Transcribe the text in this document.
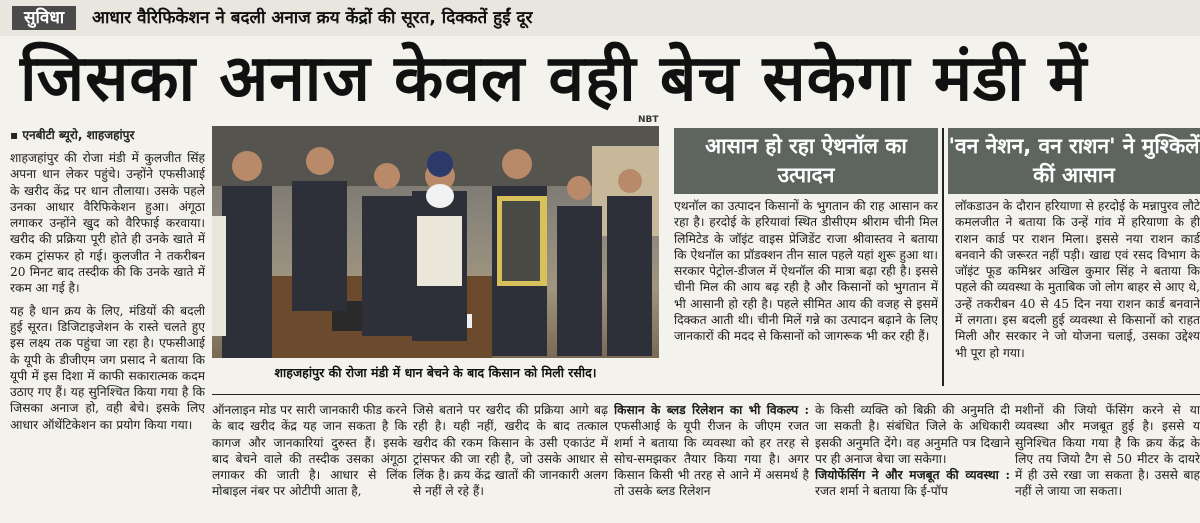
सुविधा	आधार वैरिफिकेशन ने बदली अनाज क्रय केंद्रों की सूरत, दिक्कतें हुईं दूर
जिसका अनाज केवल वही बेच सकेगा मंडी में
▪ एनबीटी ब्यूरो, शाहजहांपुर
NBT

शाहजहांपुर की रोजा मंडी में कुलजीत सिंह अपना धान लेकर पहुंचे। उन्होंने एफसीआई के खरीद केंद्र पर धान तौलाया। उसके पहले उनका आधार वैरिफिकेशन हुआ। अंगूठा लगाकर उन्होंने खुद को वैरिफाई करवाया। खरीद की प्रक्रिया पूरी होते ही उनके खाते में रकम ट्रांसफर हो गई। कुलजीत ने तकरीबन 20 मिनट बाद तस्दीक की कि उनके खाते में रकम आ गई है।

यह है धान क्रय के लिए, मंडियों की बदली हुई सूरत। डिजिटाइजेशन के रास्ते चलते हुए इस लक्ष्य तक पहुंचा जा रहा है। एफसीआई के यूपी के डीजीएम जग प्रसाद ने बताया कि यूपी में इस दिशा में काफी सकारात्मक कदम उठाए गए हैं। यह सुनिश्चित किया गया है कि जिसका अनाज हो, वही बेचे। इसके लिए आधार ऑथेंटिकेशन का प्रयोग किया गया।

शाहजहांपुर की रोजा मंडी में धान बेचने के बाद किसान को मिली रसीद।
आसान हो रहा ऐथनॉल का उत्पादन
'वन नेशन, वन राशन' ने मुश्किलें कीं आसान
एथनॉल का उत्पादन किसानों के भुगतान की राह आसान कर रहा है। हरदोई के हरियावां स्थित डीसीएम श्रीराम चीनी मिल लिमिटेड के जॉइंट वाइस प्रेजिडेंट राजा श्रीवास्तव ने बताया कि ऐथनॉल का प्रॉडक्शन तीन साल पहले यहां शुरू हुआ था। सरकार पेट्रोल-डीजल में ऐथनॉल की मात्रा बढ़ा रही है। इससे चीनी मिल की आय बढ़ रही है और किसानों को भुगतान में भी आसानी हो रही है। पहले सीमित आय की वजह से इसमें दिक्कत आती थी। चीनी मिलें गन्ने का उत्पादन बढ़ाने के लिए जानकारों की मदद से किसानों को जागरूक भी कर रही हैं।
लॉकडाउन के दौरान हरियाणा से हरदोई के मन्नापुरव लौटे कमलजीत ने बताया कि उन्हें गांव में हरियाणा के ही राशन कार्ड पर राशन मिला। इससे नया राशन कार्ड बनवाने की जरूरत नहीं पड़ी। खाद्य एवं रसद विभाग के जॉइंट फूड कमिश्नर अखिल कुमार सिंह ने बताया कि पहले की व्यवस्था के मुताबिक जो लोग बाहर से आए थे, उन्हें तकरीबन 40 से 45 दिन नया राशन कार्ड बनवाने में लगता। इस बदली हुई व्यवस्था से किसानों को राहत मिली और सरकार ने जो योजना चलाई, उसका उद्देश्य भी पूरा हो गया।
ऑनलाइन मोड पर सारी जानकारी फीड करने के बाद खरीद केंद्र यह जान सकता है कि कागज और जानकारियां दुरुस्त हैं। इसके बाद बेचने वाले की तस्दीक उसका अंगूठा लगाकर की जाती है। आधार से लिंक मोबाइल नंबर पर ओटीपी आता है,
जिसे बताने पर खरीद की प्रक्रिया आगे बढ़ रही है। यही नहीं, खरीद के बाद तत्काल खरीद की रकम किसान के उसी एकाउंट में ट्रांसफर की जा रही है, जो उसके आधार से लिंक है। क्रय केंद्र खातों की जानकारी अलग से नहीं ले रहे हैं।
किसान के ब्लड रिलेशन का भी विकल्प : एफसीआई के यूपी रीजन के जीएम रजत शर्मा ने बताया कि व्यवस्था को हर तरह से सोच-समझकर तैयार किया गया है। अगर किसान किसी भी तरह से आने में असमर्थ है तो उसके ब्लड रिलेशन
के किसी व्यक्ति को बिक्री की अनुमति दी जा सकती है। संबंधित जिले के अधिकारी इसकी अनुमति देंगे। वह अनुमति पत्र दिखाने पर ही अनाज बेचा जा सकेगा।
जियोफेंसिंग ने और मजबूत की व्यवस्था : रजत शर्मा ने बताया कि ई-पॉप
मशीनों की जियो फेंसिंग करने से या व्यवस्था और मजबूत हुई है। इससे य सुनिश्चित किया गया है कि क्रय केंद्र के लिए तय जियो टैग से 50 मीटर के दायरे में ही उसे रखा जा सकता है। उससे बाह नहीं ले जाया जा सकता।
